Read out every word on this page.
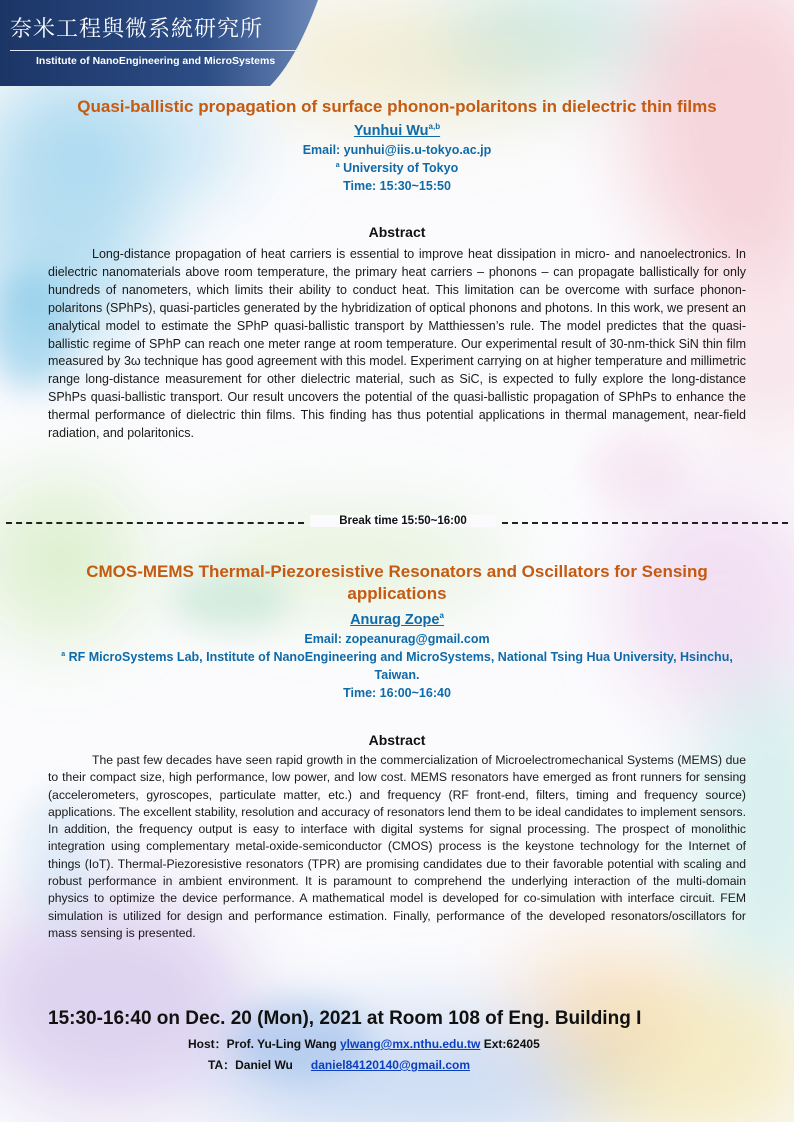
奈米工程與微系統研究所
Institute of NanoEngineering and MicroSystems
Quasi-ballistic propagation of surface phonon-polaritons in dielectric thin films
Yunhui Wu$^{a,b}$
Email: yunhui@iis.u-tokyo.ac.jp
$^a$ University of Tokyo
Time: 15:30~15:50
Abstract

Long-distance propagation of heat carriers is essential to improve heat dissipation in micro- and nanoelectronics. In dielectric nanomaterials above room temperature, the primary heat carriers – phonons – can propagate ballistically for only hundreds of nanometers, which limits their ability to conduct heat. This limitation can be overcome with surface phonon-polaritons (SPhPs), quasi-particles generated by the hybridization of optical phonons and photons. In this work, we present an analytical model to estimate the SPhP quasi-ballistic transport by Matthiessen’s rule. The model predictes that the quasi-ballistic regime of SPhP can reach one meter range at room temperature. Our experimental result of 30-nm-thick SiN thin film measured by 3ω technique has good agreement with this model. Experiment carrying on at higher temperature and millimetric range long-distance measurement for other dielectric material, such as SiC, is expected to fully explore the long-distance SPhPs quasi-ballistic transport. Our result uncovers the potential of the quasi-ballistic propagation of SPhPs to enhance the thermal performance of dielectric thin films. This finding has thus potential applications in thermal management, near-field radiation, and polaritonics.

Break time 15:50~16:00
CMOS-MEMS Thermal-Piezoresistive Resonators and Oscillators for Sensing applications
Anurag Zope$^a$
Email: zopeanurag@gmail.com
$^a$ RF MicroSystems Lab, Institute of NanoEngineering and MicroSystems, National Tsing Hua University, Hsinchu, Taiwan.
Time: 16:00~16:40
Abstract

The past few decades have seen rapid growth in the commercialization of Microelectromechanical Systems (MEMS) due to their compact size, high performance, low power, and low cost. MEMS resonators have emerged as front runners for sensing (accelerometers, gyroscopes, particulate matter, etc.) and frequency (RF front-end, filters, timing and frequency source) applications. The excellent stability, resolution and accuracy of resonators lend them to be ideal candidates to implement sensors. In addition, the frequency output is easy to interface with digital systems for signal processing. The prospect of monolithic integration using complementary metal-oxide-semiconductor (CMOS) process is the keystone technology for the Internet of things (IoT). Thermal-Piezoresistive resonators (TPR) are promising candidates due to their favorable potential with scaling and robust performance in ambient environment. It is paramount to comprehend the underlying interaction of the multi-domain physics to optimize the device performance. A mathematical model is developed for co-simulation with interface circuit. FEM simulation is utilized for design and performance estimation. Finally, performance of the developed resonators/oscillators for mass sensing is presented.

15:30-16:40 on Dec. 20 (Mon), 2021 at Room 108 of Eng. Building I
Host：Prof. Yu-Ling Wang ylwang@mx.nthu.edu.tw Ext:62405
TA：Daniel Wu daniel84120140@gmail.com
